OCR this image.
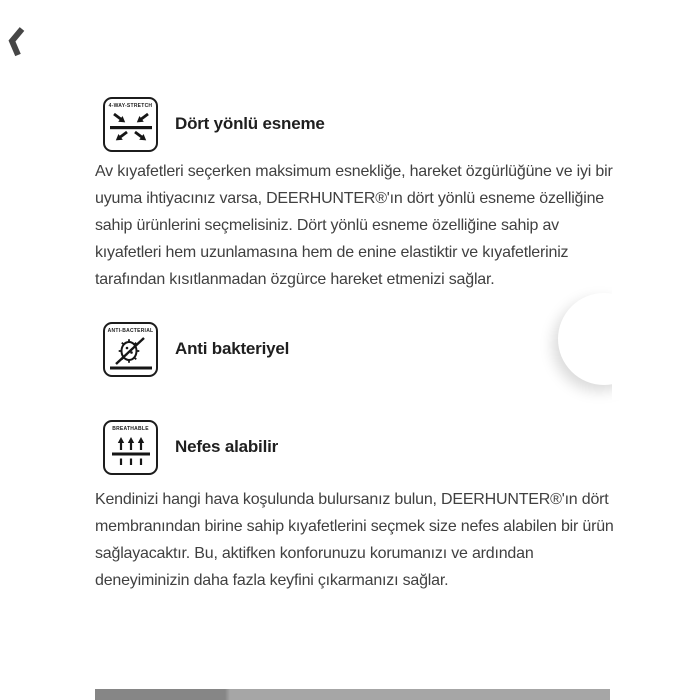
4-WAY-STRETCH
Dört yönlü esneme
Av kıyafetleri seçerken maksimum esnekliğe, hareket özgürlüğüne ve iyi bir uyuma ihtiyacınız varsa, DEERHUNTER®'ın dört yönlü esneme özelliğine sahip ürünlerini seçmelisiniz. Dört yönlü esneme özelliğine sahip av kıyafetleri hem uzunlamasına hem de enine elastiktir ve kıyafetleriniz tarafından kısıtlanmadan özgürce hareket etmenizi sağlar.
ANTI-BACTERIAL
Anti bakteriyel
BREATHABLE
Nefes alabilir
Kendinizi hangi hava koşulunda bulursanız bulun, DEERHUNTER®'ın dört membranından birine sahip kıyafetlerini seçmek size nefes alabilen bir ürün sağlayacaktır. Bu, aktifken konforunuzu korumanızı ve ardından deneyiminizin daha fazla keyfini çıkarmanızı sağlar.
